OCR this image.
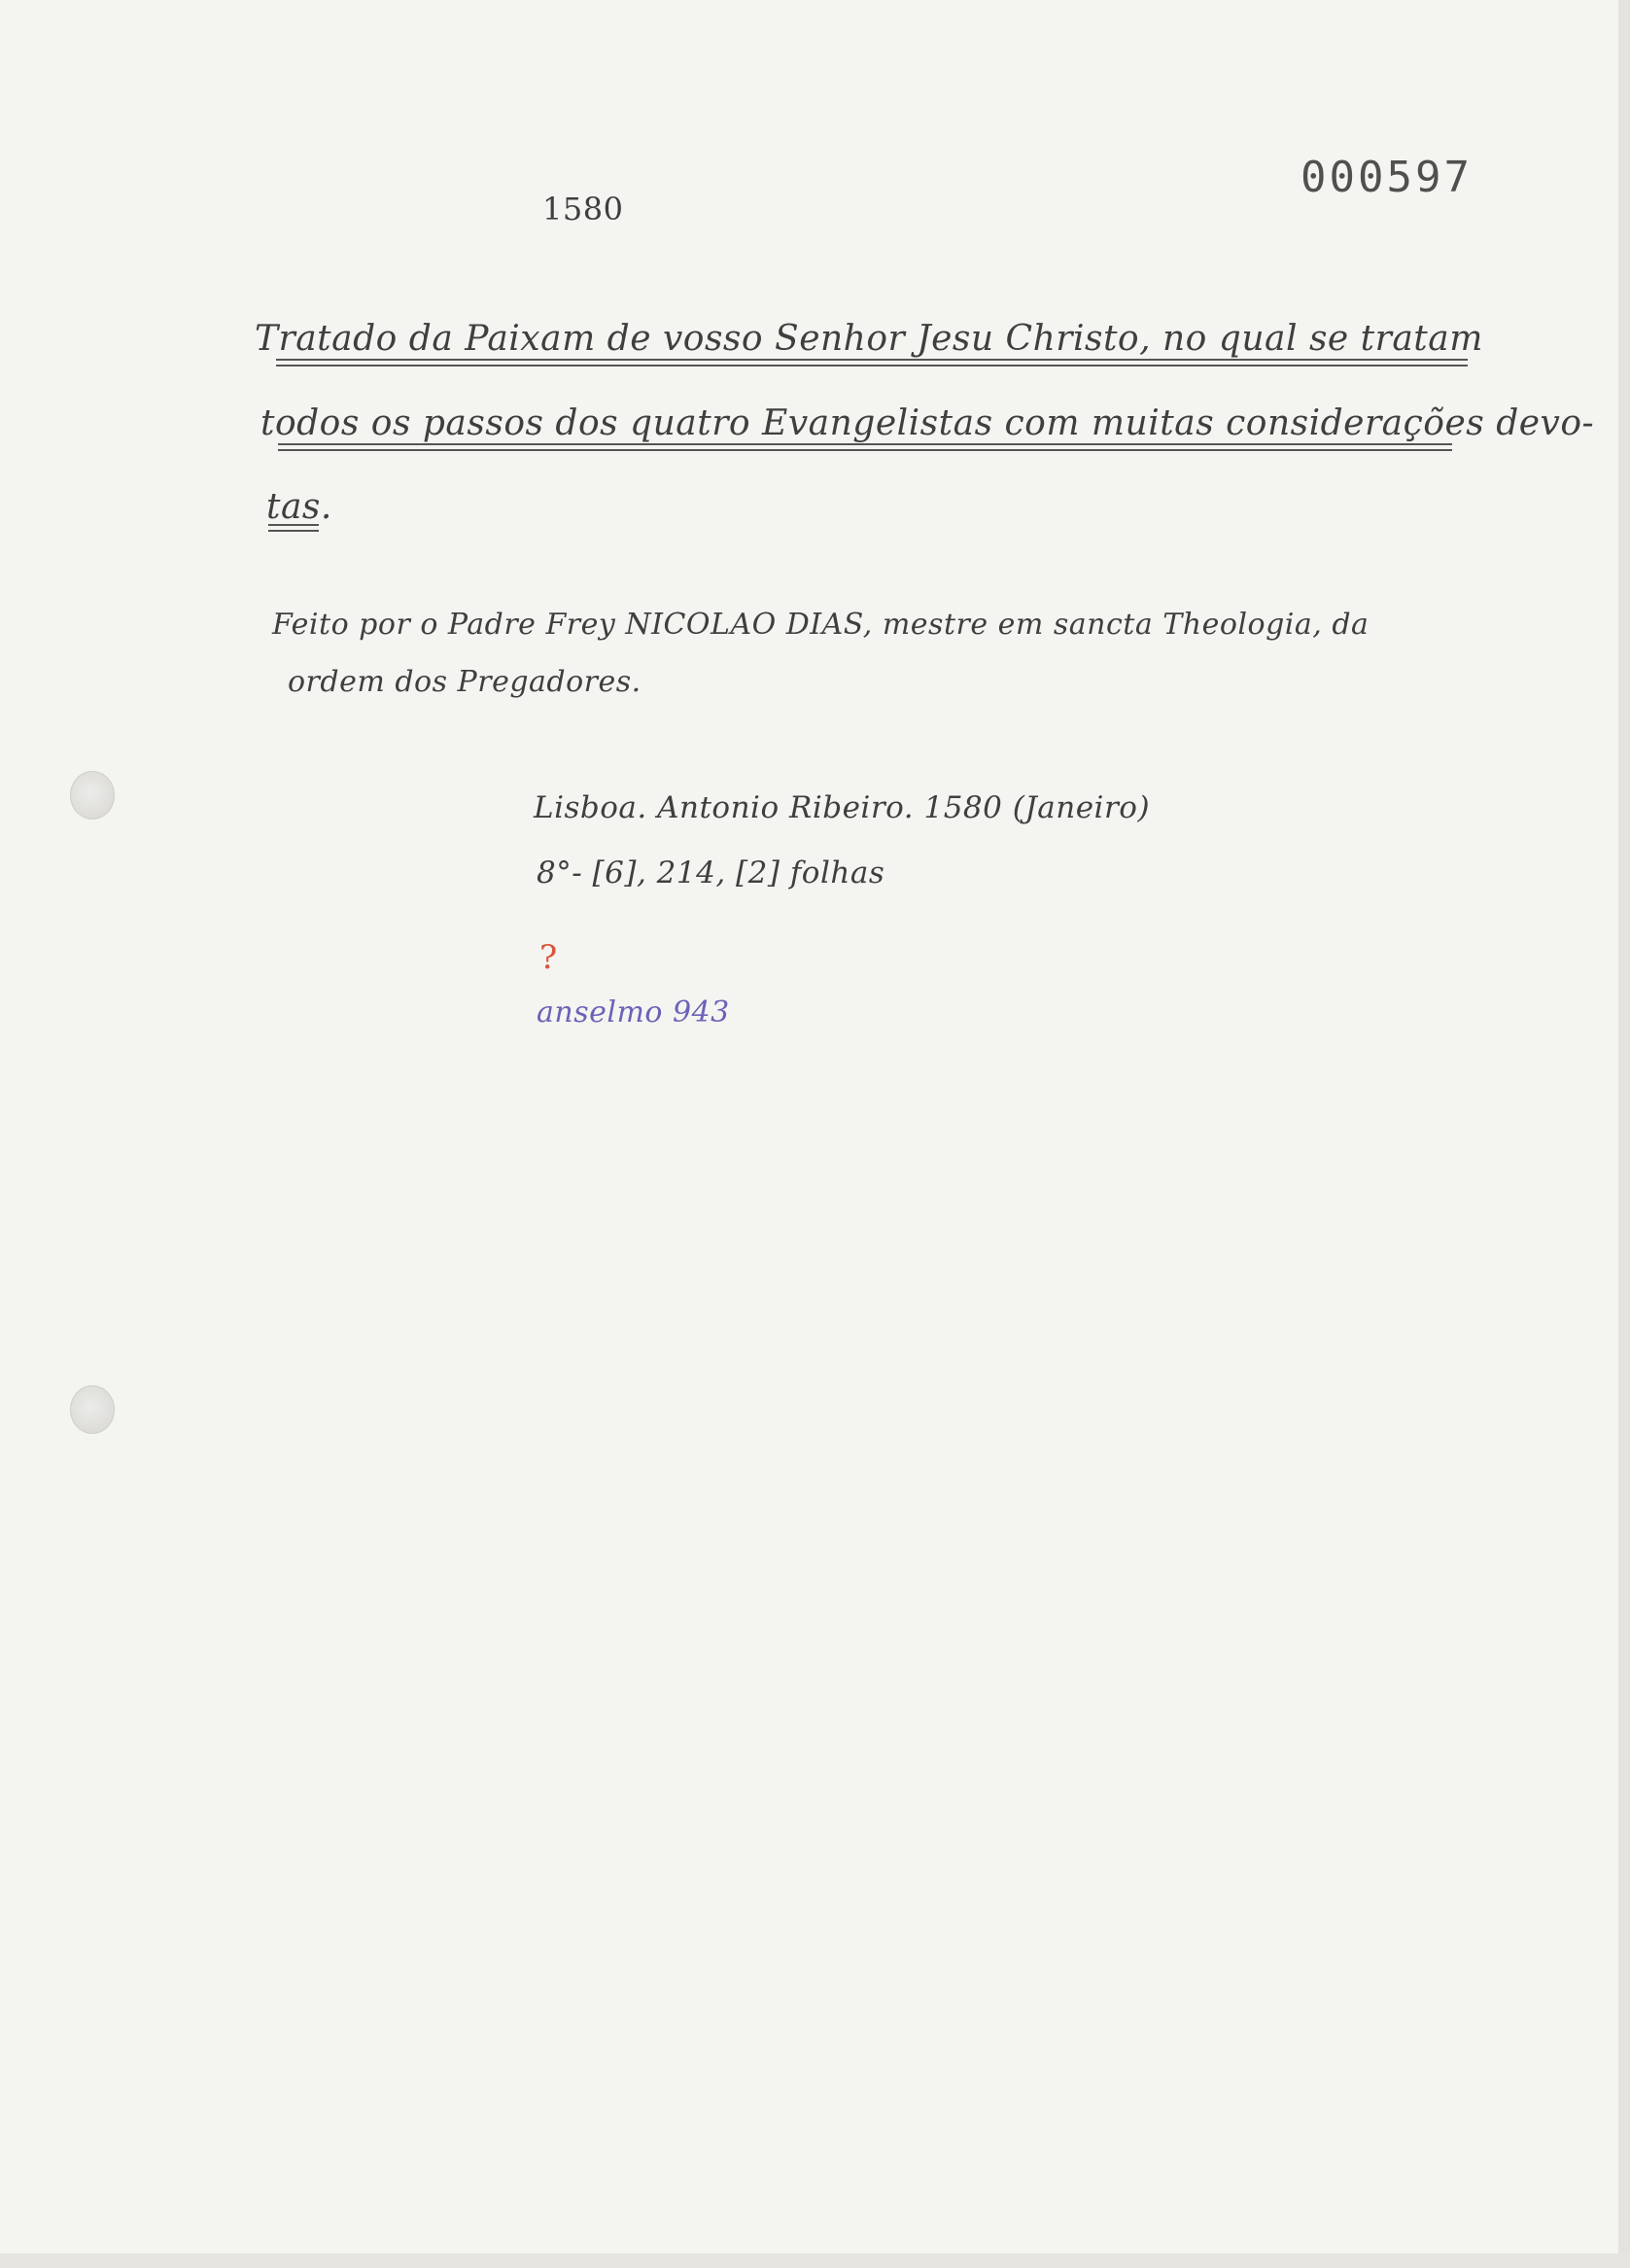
000597
1580
Tratado da Paixam de vosso Senhor Jesu Christo, no qual se tratam
todos os passos dos quatro Evangelistas com muitas considerações devo-
tas.
Feito por o Padre Frey NICOLAO DIAS, mestre em sancta Theologia, da
ordem dos Pregadores.
Lisboa. Antonio Ribeiro. 1580 (Janeiro)
8°- [6], 214, [2] folhas
?
anselmo 943
